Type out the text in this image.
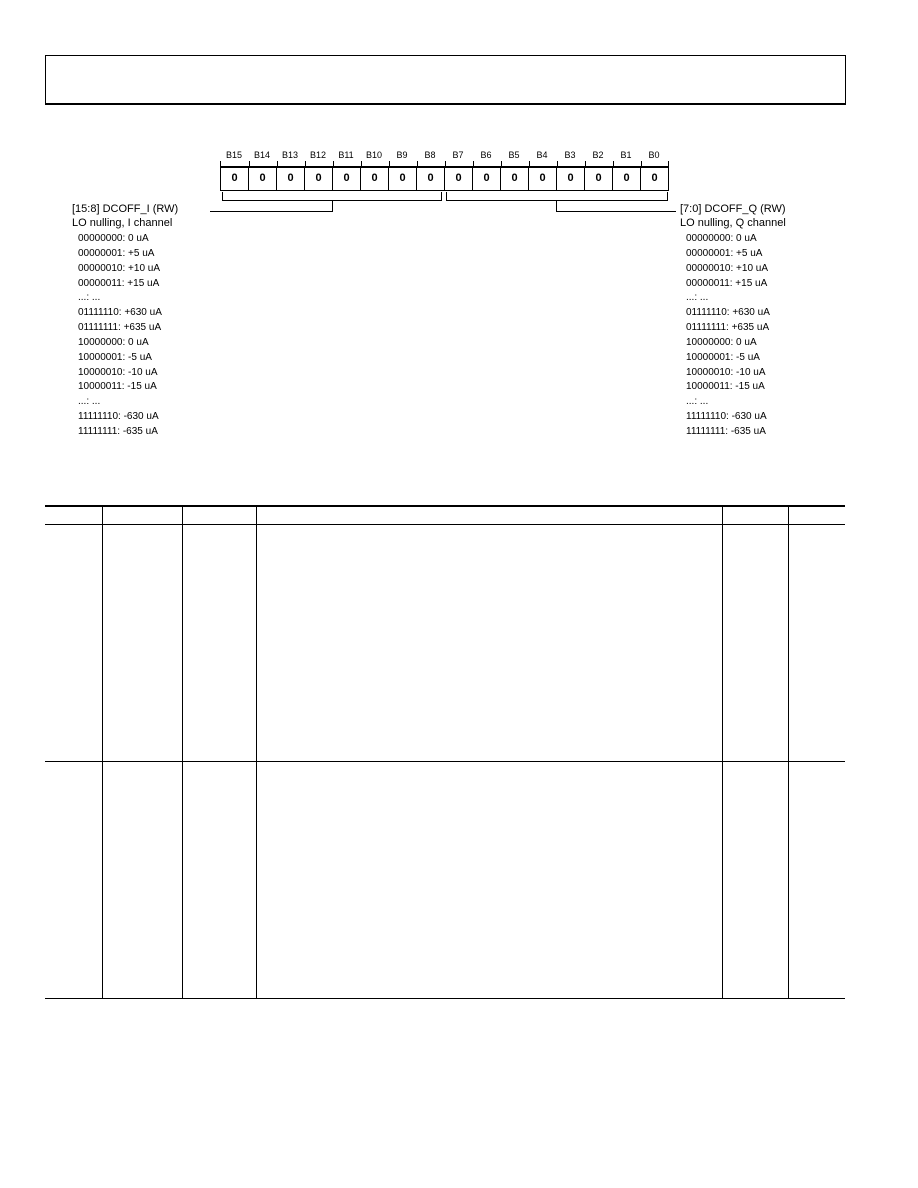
B15	B14	B13	B12	B11	B10	B9	B8	B7	B6	B5	B4	B3	B2	B1	B0
0	0	0	0	0	0	0	0	0	0	0	0	0	0	0	0
[15:8] DCOFF_I (RW)
LO nulling, I channel
00000000: 0 uA
00000001: +5 uA
00000010: +10 uA
00000011: +15 uA
...: ...
01111110: +630 uA
01111111: +635 uA
10000000: 0 uA
10000001: -5 uA
10000010: -10 uA
10000011: -15 uA
...: ...
11111110: -630 uA
11111111: -635 uA
[7:0] DCOFF_Q (RW)
LO nulling, Q channel
00000000: 0 uA
00000001: +5 uA
00000010: +10 uA
00000011: +15 uA
...: ...
01111110: +630 uA
01111111: +635 uA
10000000: 0 uA
10000001: -5 uA
10000010: -10 uA
10000011: -15 uA
...: ...
11111110: -630 uA
11111111: -635 uA
